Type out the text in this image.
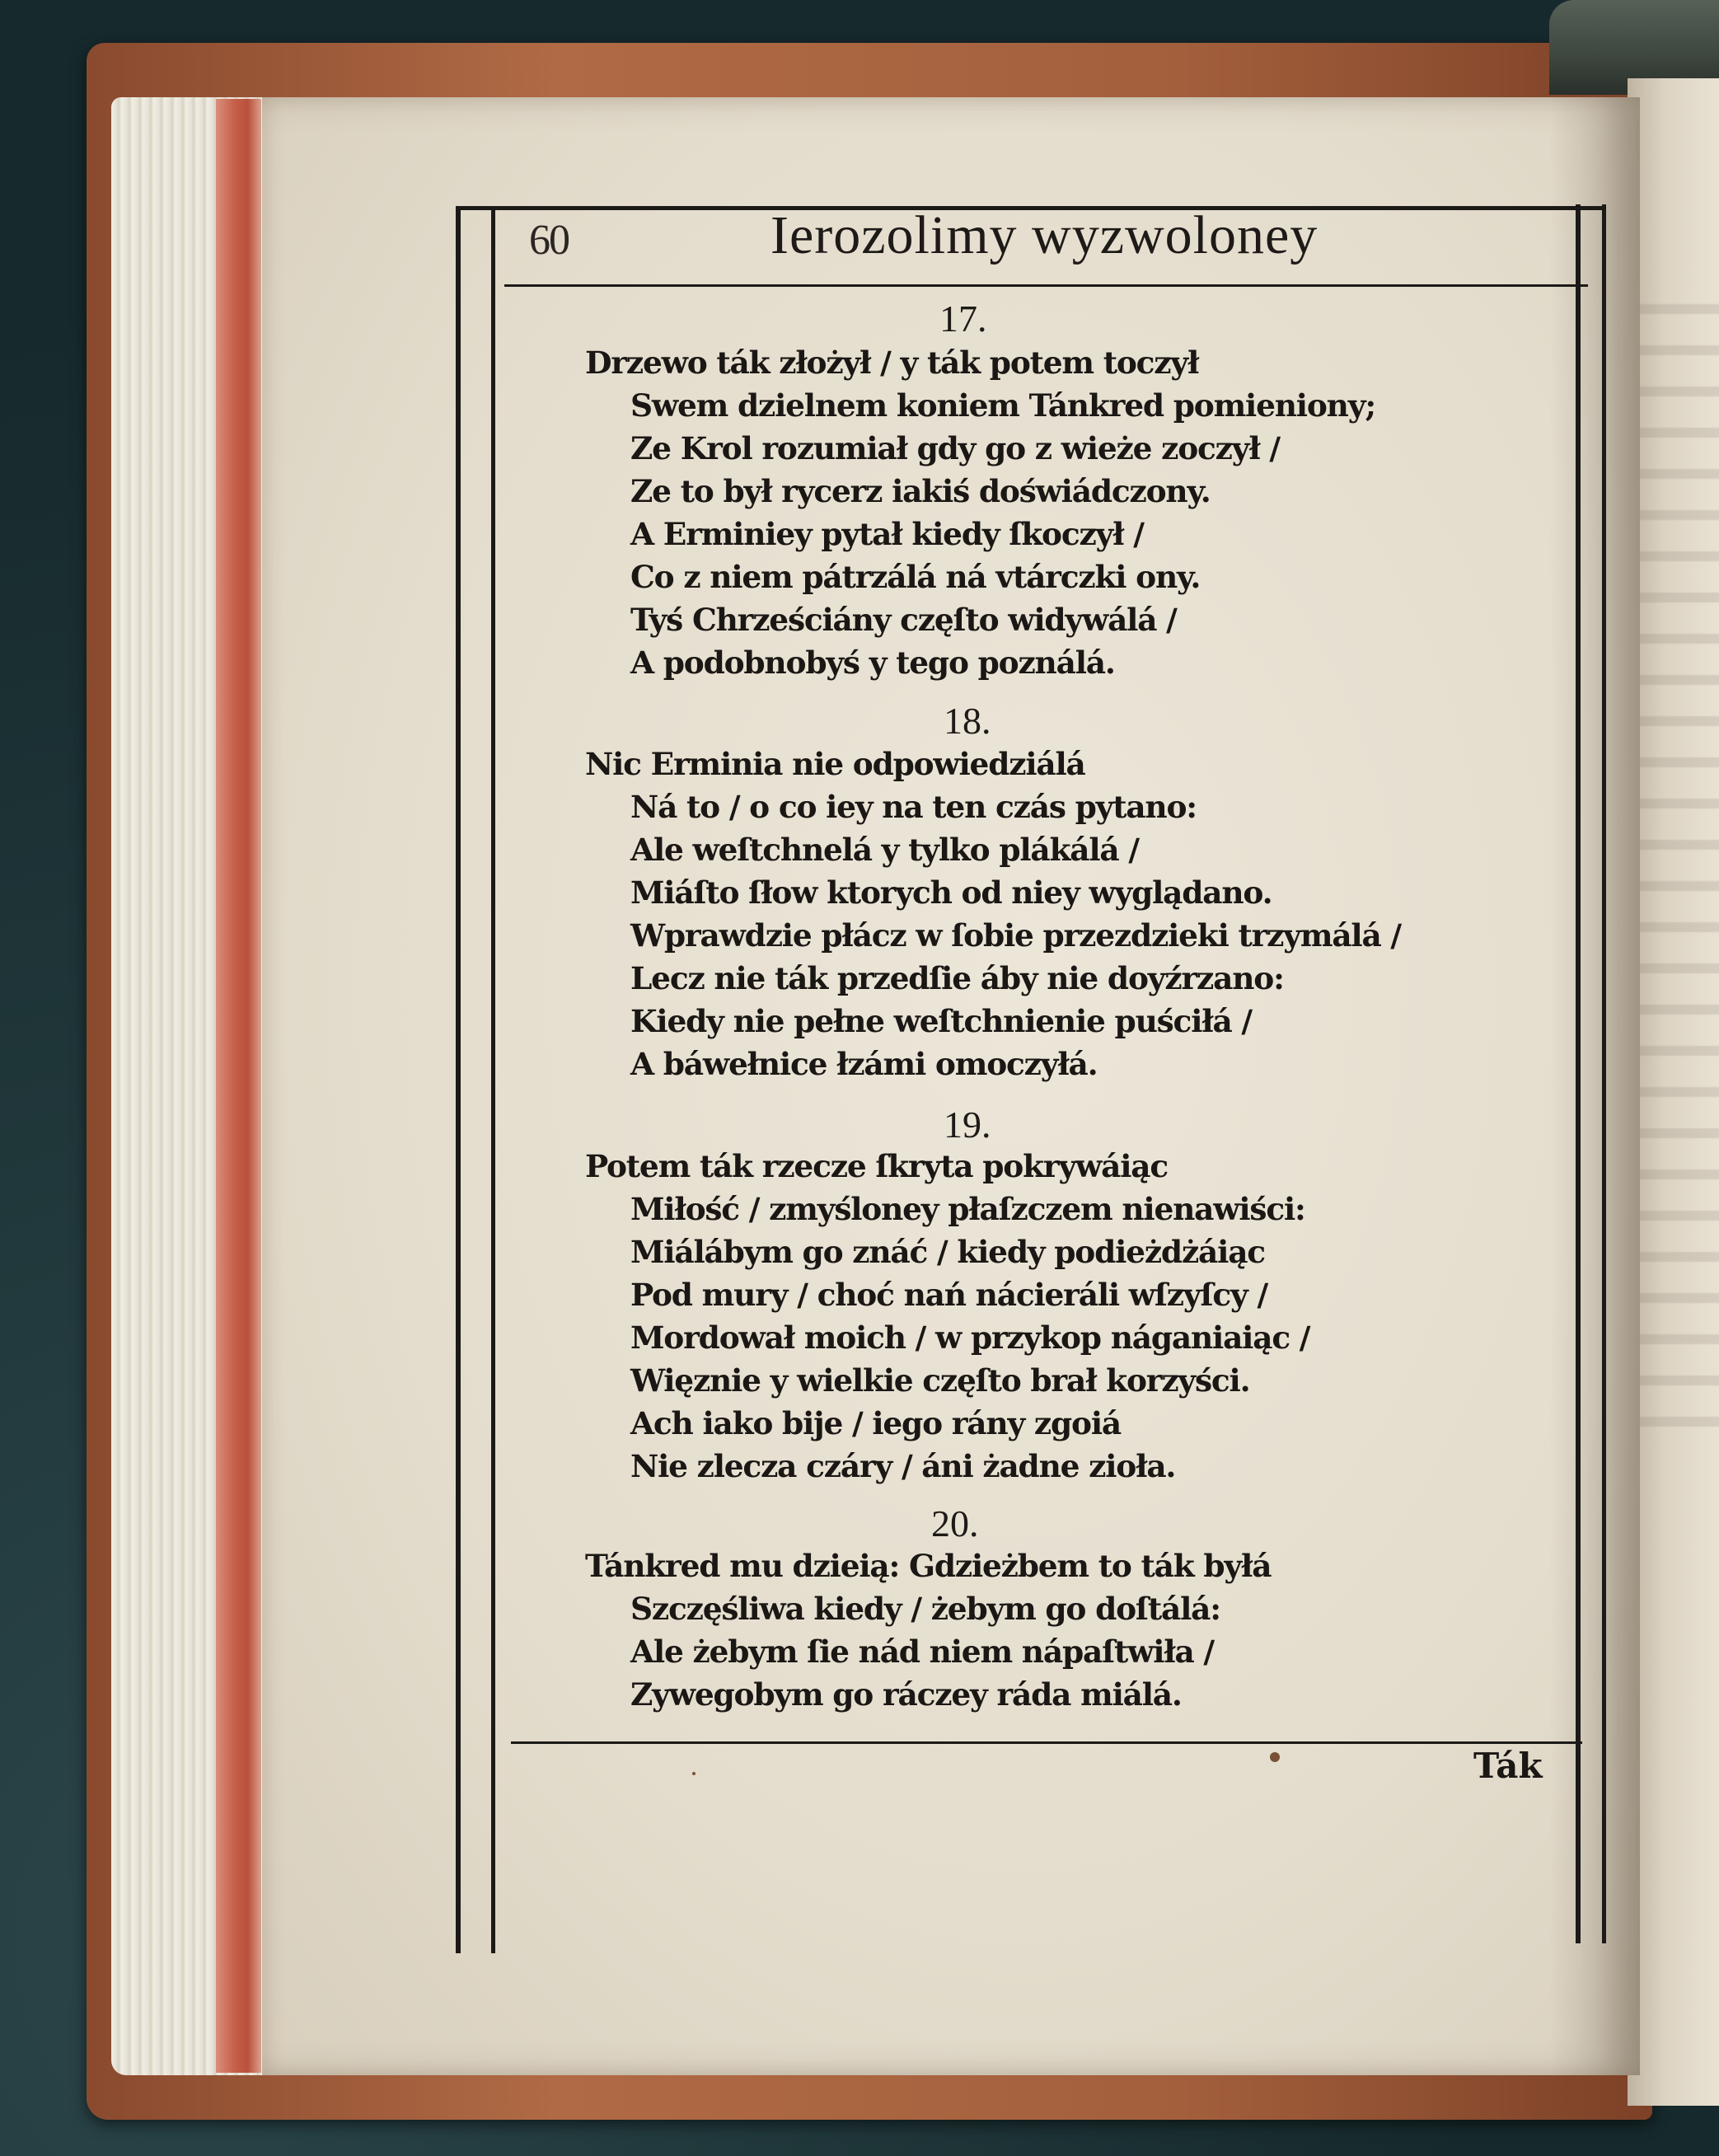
60	Ierozolimy wyzwoloney
17.
Drzewo ták złożył / y ták potem toczył
Swem dzielnem koniem Tánkred pomieniony;
Ze Krol rozumiał gdy go z wieże zoczył /
Ze to był rycerz iakiś doświádczony.
A Erminiey pytał kiedy ſkoczył /
Co z niem pátrzálá ná vtárczki ony.
Tyś Chrześciány częſto widywálá /
A podobnobyś y tego poználá.
18.
Nic Erminia nie odpowiedziálá
Ná to / o co iey na ten czás pytano:
Ale weſtchnelá y tylko plákálá /
Miáſto ſłow ktorych od niey wyglądano.
Wprawdzie płácz w ſobie przezdzieki trzymálá /
Lecz nie ták przedſie áby nie doyźrzano:
Kiedy nie pełne weſtchnienie puściłá /
A báwełnice łzámi omoczyłá.
19.
Potem ták rzecze ſkryta pokrywáiąc
Miłość / zmyśloney płaſzczem nienawiści:
Miálábym go znáć / kiedy podieżdżáiąc
Pod mury / choć nań nácieráli wſzyſcy /
Mordował moich / w przykop náganiaiąc /
Więznie y wielkie częſto brał korzyści.
Ach iako bije / iego rány zgoiá
Nie zlecza czáry / áni żadne zioła.
20.
Tánkred mu dzieią: Gdzieżbem to ták byłá
Szczęśliwa kiedy / żebym go doſtálá:
Ale żebym ſie nád niem nápaſtwiła /
Zywegobym go ráczey ráda miálá.
Ták
